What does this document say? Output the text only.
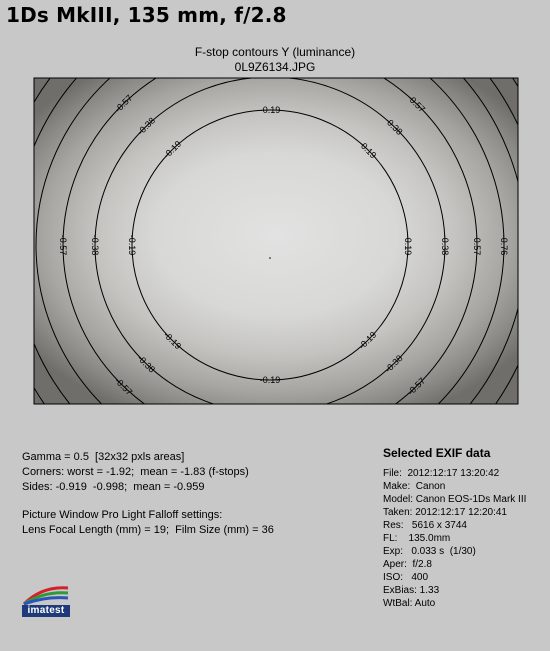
1Ds MkIII, 135 mm, f/2.8
F-stop contours Y (luminance)
0L9Z6134.JPG
-0.19
-0.19
-0.19	-0.19
-0.19	-0.19
-0.19	-0.19
-0.38	-0.38
-0.38	-0.38
-0.38	-0.38
-0.57	-0.57
-0.57	-0.57
-0.57	-0.57
-0.76
Gamma = 0.5  [32x32 pxls areas]
Corners: worst = -1.92;  mean = -1.83 (f-stops)
Sides: -0.919  -0.998;  mean = -0.959
Picture Window Pro Light Falloff settings:
Lens Focal Length (mm) = 19;  Film Size (mm) = 36
Selected EXIF data
File:  2012:12:17 13:20:42
Make:  Canon
Model: Canon EOS-1Ds Mark III
Taken: 2012:12:17 12:20:41
Res:   5616 x 3744
FL:    135.0mm
Exp:   0.033 s  (1/30)
Aper:  f/2.8
ISO:   400
ExBias: 1.33
WtBal: Auto
imatest
